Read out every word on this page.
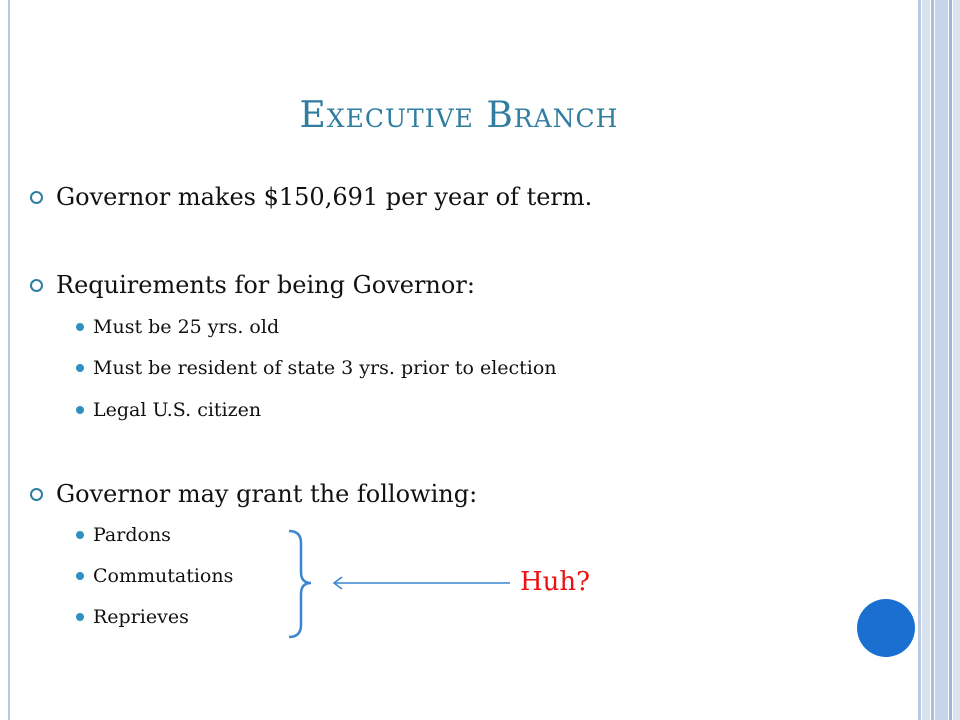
Executive Branch
Governor makes $150,691 per year of term.
Requirements for being Governor:
Must be 25 yrs. old
Must be resident of state 3 yrs. prior to election
Legal U.S. citizen
Governor may grant the following:
Pardons
Commutations
Reprieves
Huh?
